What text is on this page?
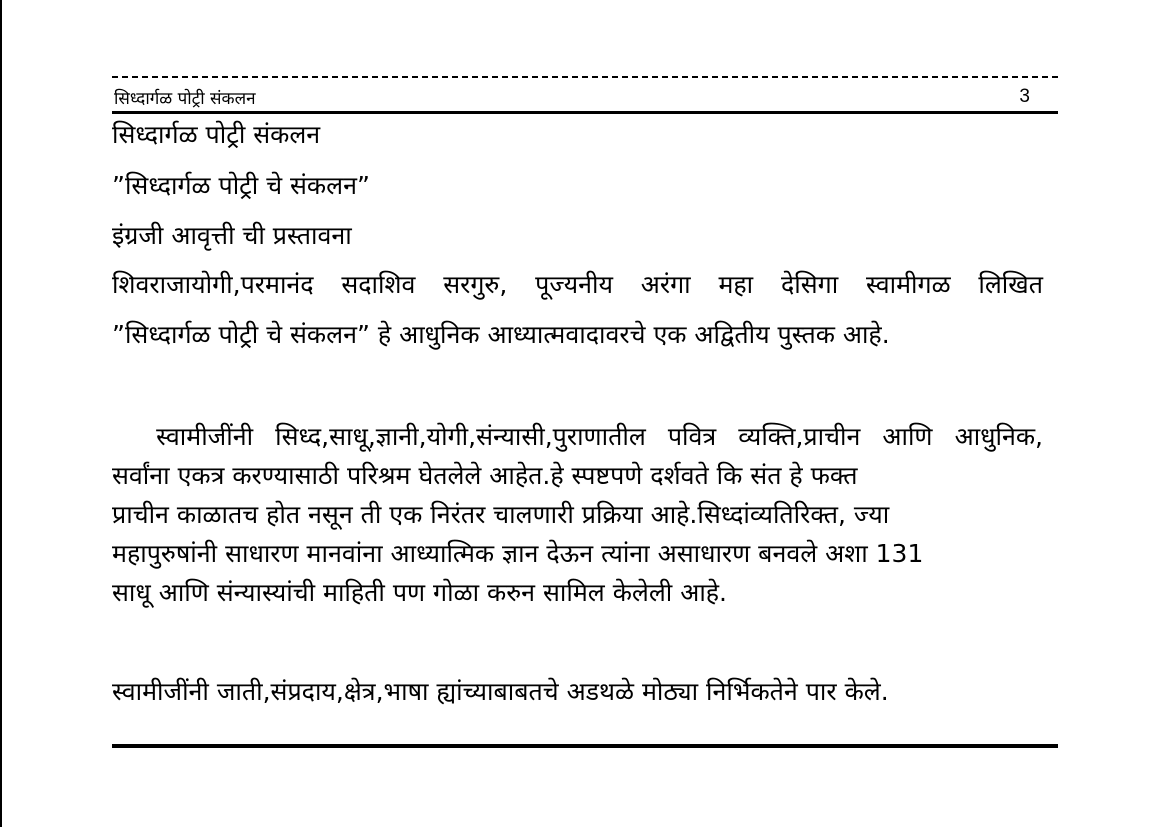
सिध्दार्गळ पोट्री संकलन	3
सिध्दार्गळ पोट्री संकलन
”सिध्दार्गळ पोट्री चे संकलन”
इंग्रजी आवृत्ती ची प्रस्तावना
शिवराजायोगी,परमानंद सदाशिव सरगुरु, पूज्यनीय अरंगा महा देसिगा स्वामीगळ लिखित
”सिध्दार्गळ पोट्री चे संकलन” हे आधुनिक आध्यात्मवादावरचे एक अद्वितीय पुस्तक आहे.
स्वामीजींनी सिध्द,साधू,ज्ञानी,योगी,संन्यासी,पुराणातील पवित्र व्यक्ति,प्राचीन आणि आधुनिक,
सर्वांना एकत्र करण्यासाठी परिश्रम घेतलेले आहेत.हे स्पष्टपणे दर्शवते कि संत हे फक्त
प्राचीन काळातच होत नसून ती एक निरंतर चालणारी प्रक्रिया आहे.सिध्दांव्यतिरिक्त, ज्या
महापुरुषांनी साधारण मानवांना आध्यात्मिक ज्ञान देऊन त्यांना असाधारण बनवले अशा 131
साधू आणि संन्यास्यांची माहिती पण गोळा करुन सामिल केलेली आहे.
स्वामीजींनी जाती,संप्रदाय,क्षेत्र,भाषा ह्यांच्याबाबतचे अडथळे मोठ्या निर्भिकतेने पार केले.
